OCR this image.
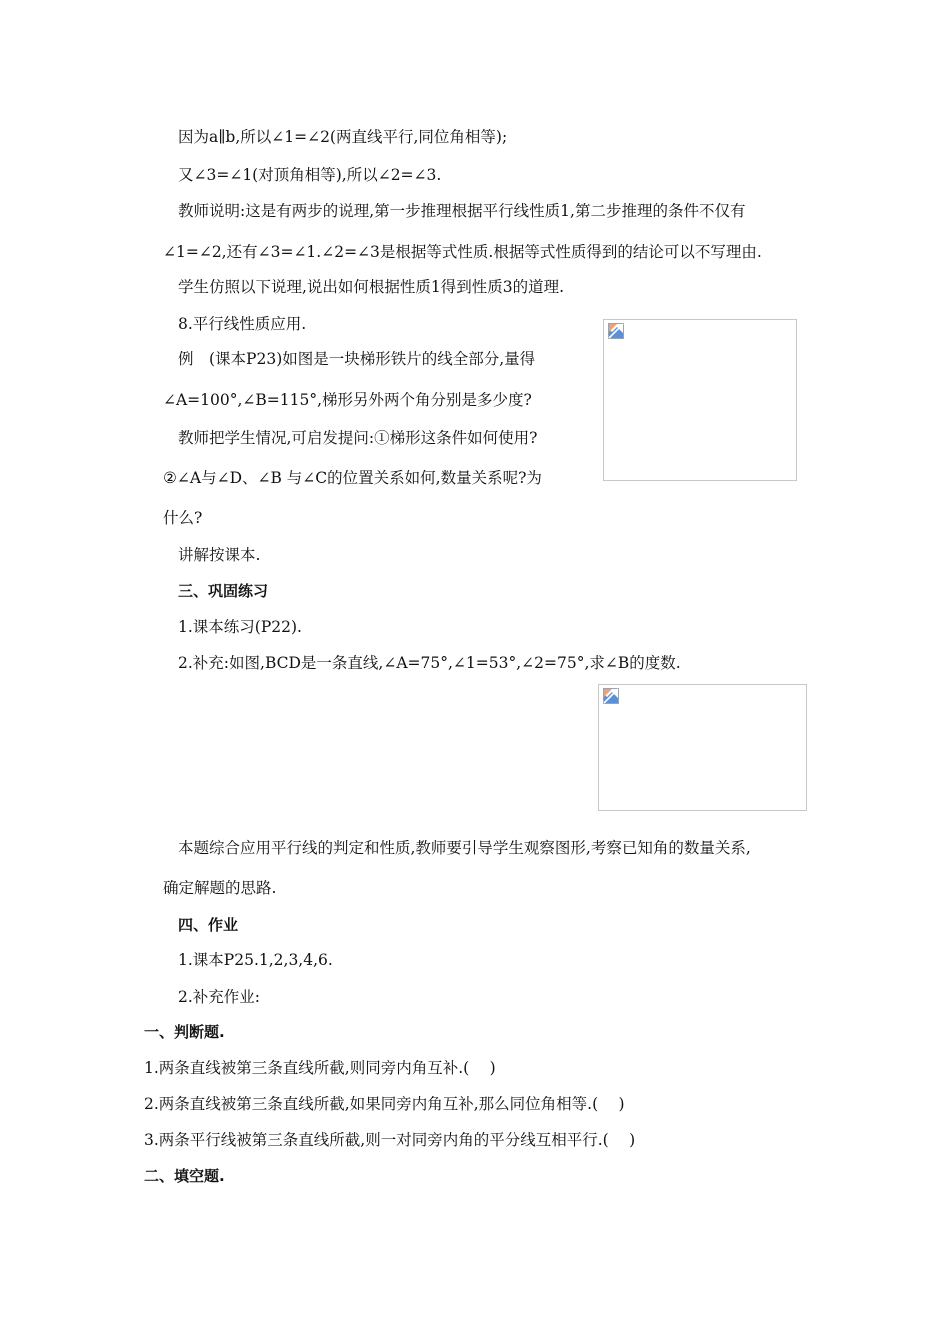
因为a∥b,所以∠1=∠2(两直线平行,同位角相等);
又∠3=∠1(对顶角相等),所以∠2=∠3.
教师说明:这是有两步的说理,第一步推理根据平行线性质1,第二步推理的条件不仅有
∠1=∠2,还有∠3=∠1.∠2=∠3是根据等式性质.根据等式性质得到的结论可以不写理由.
学生仿照以下说理,说出如何根据性质1得到性质3的道理.
8.平行线性质应用.
例　(课本P23)如图是一块梯形铁片的线全部分,量得
∠A=100°,∠B=115°,梯形另外两个角分别是多少度?
教师把学生情况,可启发提问:①梯形这条件如何使用?
②∠A与∠D、∠B 与∠C的位置关系如何,数量关系呢?为
什么?
讲解按课本.
三、巩固练习
1.课本练习(P22).
2.补充:如图,BCD是一条直线,∠A=75°,∠1=53°,∠2=75°,求∠B的度数.
本题综合应用平行线的判定和性质,教师要引导学生观察图形,考察已知角的数量关系,
确定解题的思路.
四、作业
1.课本P25.1,2,3,4,6.
2.补充作业:
一、判断题.
1.两条直线被第三条直线所截,则同旁内角互补.(　 )
2.两条直线被第三条直线所截,如果同旁内角互补,那么同位角相等.(　 )
3.两条平行线被第三条直线所截,则一对同旁内角的平分线互相平行.(　 )
二、填空题.
